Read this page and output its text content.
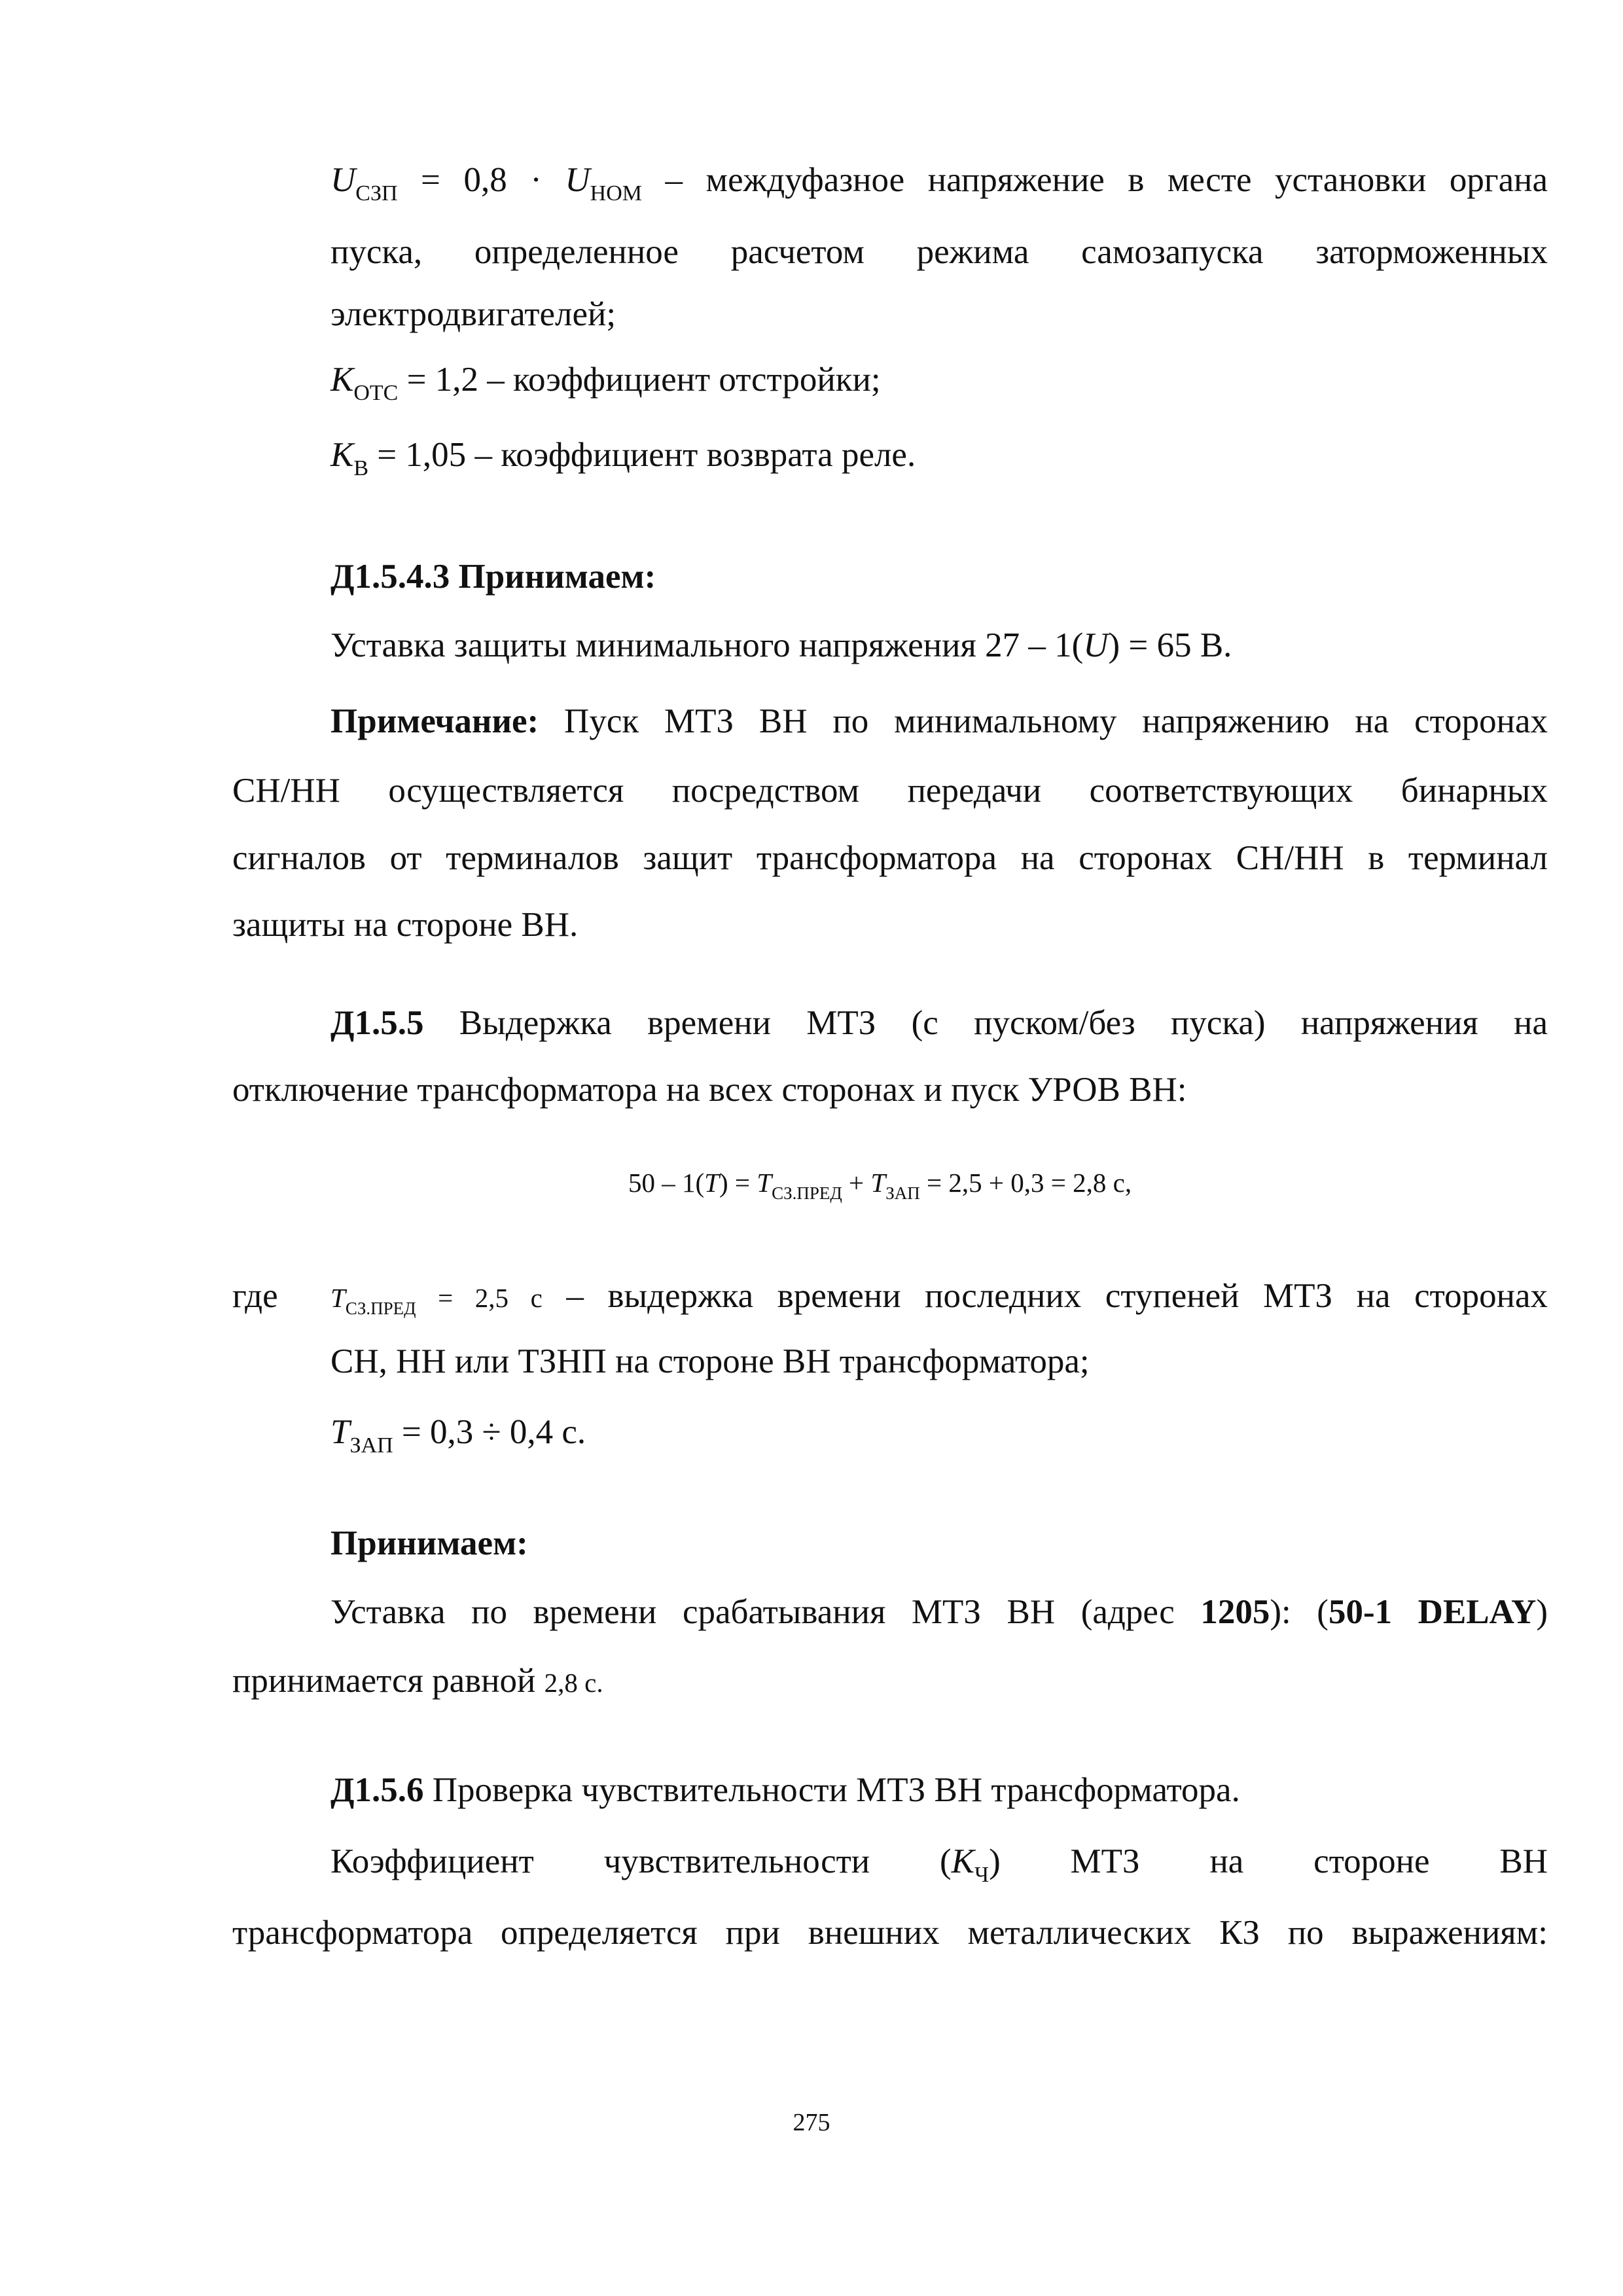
$U_{СЗП} = 0,8 \cdot U_{НОМ}$ – междуфазное напряжение в месте установки органа
пуска, определенное расчетом режима самозапуска заторможенных
электродвигателей;
$K_{ОТС} = 1,2$ – коэффициент отстройки;
$K_В = 1,05$ – коэффициент возврата реле.
Д1.5.4.3 Принимаем:
Уставка защиты минимального напряжения 27 – 1(U) = 65 В.
Примечание: Пуск МТЗ ВН по минимальному напряжению на сторонах
СН/НН осуществляется посредством передачи соответствующих бинарных
сигналов от терминалов защит трансформатора на сторонах СН/НН в терминал
защиты на стороне ВН.
Д1.5.5 Выдержка времени МТЗ (с пуском/без пуска) напряжения на
отключение трансформатора на всех сторонах и пуск УРОВ ВН:
$50 - 1(T) = T_{СЗ.ПРЕД} + T_{ЗАП} = 2,5 + 0,3 = 2,8$ с,
где $T_{СЗ.ПРЕД} = 2,5$ с – выдержка времени последних ступеней МТЗ на сторонах
СН, НН или ТЗНП на стороне ВН трансформатора;
$T_{ЗАП} = 0,3 \div 0,4$ с.
Принимаем:
Уставка по времени срабатывания МТЗ ВН (адрес 1205): (50-1 DELAY)
принимается равной 2,8 с.
Д1.5.6 Проверка чувствительности МТЗ ВН трансформатора.
Коэффициент чувствительности $(K_Ч)$ МТЗ на стороне ВН
трансформатора определяется при внешних металлических КЗ по выражениям:
275
